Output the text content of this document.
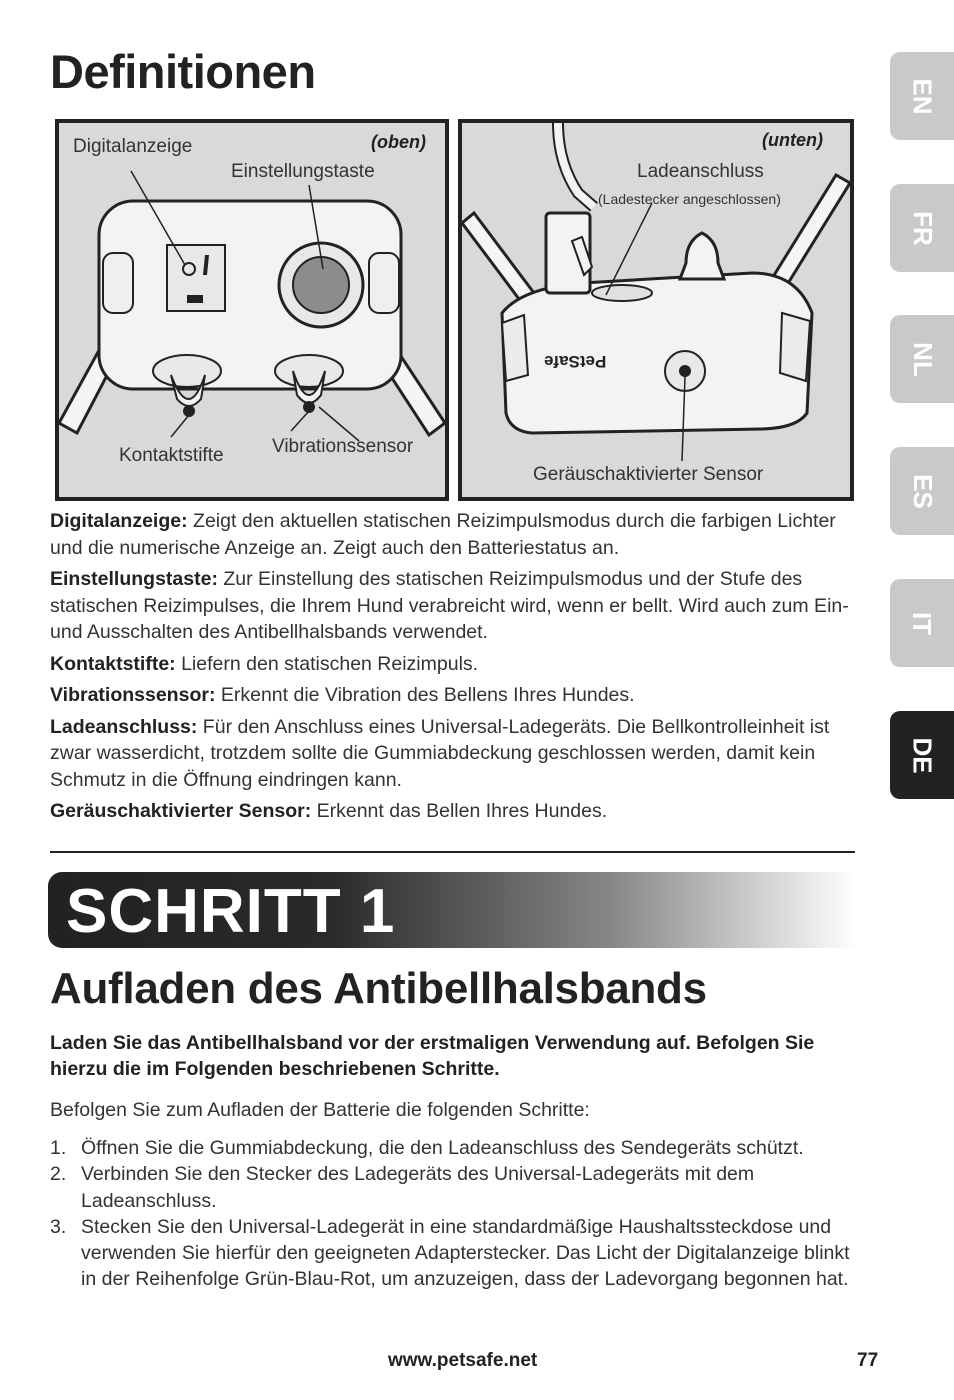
Definitionen	EN
FR
NL
ES
IT
DE
Digitalanzeige	(oben)
Einstellungstaste
Kontaktstifte	Vibrationssensor
(unten)
Ladeanschluss
(Ladestecker angeschlossen)
PetSafe
Geräuschaktivierter Sensor

Digitalanzeige: Zeigt den aktuellen statischen Reizimpulsmodus durch die farbigen Lichter und die numerische Anzeige an. Zeigt auch den Batteriestatus an.

Einstellungstaste: Zur Einstellung des statischen Reizimpulsmodus und der Stufe des statischen Reizimpulses, die Ihrem Hund verabreicht wird, wenn er bellt. Wird auch zum Ein- und Ausschalten des Antibellhalsbands verwendet.

Kontaktstifte: Liefern den statischen Reizimpuls.

Vibrationssensor: Erkennt die Vibration des Bellens Ihres Hundes.

Ladeanschluss: Für den Anschluss eines Universal-Ladegeräts. Die Bellkontrolleinheit ist zwar wasserdicht, trotzdem sollte die Gummiabdeckung geschlossen werden, damit kein Schmutz in die Öffnung eindringen kann.

Geräuschaktivierter Sensor: Erkennt das Bellen Ihres Hundes.

SCHRITT 1
Aufladen des Antibellhalsbands
Laden Sie das Antibellhalsband vor der erstmaligen Verwendung auf. Befolgen Sie hierzu die im Folgenden beschriebenen Schritte.
Befolgen Sie zum Aufladen der Batterie die folgenden Schritte:
1. Öffnen Sie die Gummiabdeckung, die den Ladeanschluss des Sendegeräts schützt.
2. Verbinden Sie den Stecker des Ladegeräts des Universal-Ladegeräts mit dem Ladeanschluss.
3. Stecken Sie den Universal-Ladegerät in eine standardmäßige Haushaltssteckdose und verwenden Sie hierfür den geeigneten Adapterstecker. Das Licht der Digitalanzeige blinkt in der Reihenfolge Grün-Blau-Rot, um anzuzeigen, dass der Ladevorgang begonnen hat.
www.petsafe.net	77
